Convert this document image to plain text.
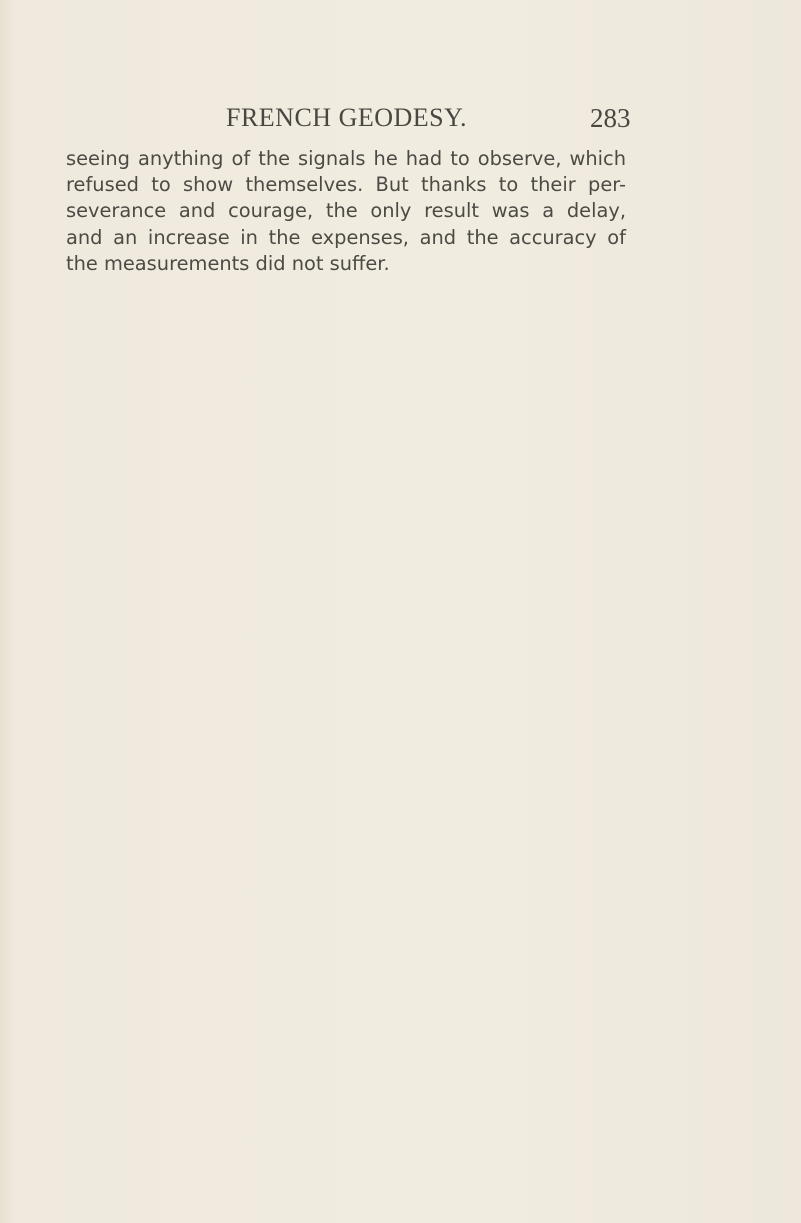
FRENCH GEODESY.	283
seeing anything of the signals he had to observe, which
refused to show themselves. But thanks to their per-
severance and courage, the only result was a delay,
and an increase in the expenses, and the accuracy of
the measurements did not suffer.
